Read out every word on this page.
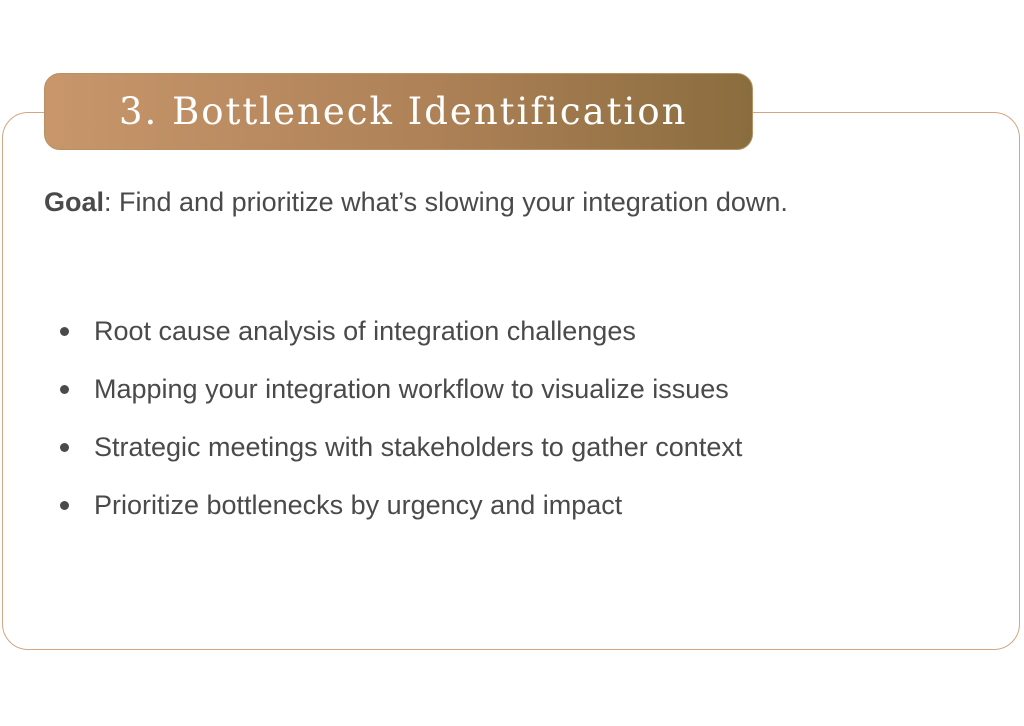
3. Bottleneck Identification
Goal: Find and prioritize what’s slowing your integration down.
Root cause analysis of integration challenges
Mapping your integration workflow to visualize issues
Strategic meetings with stakeholders to gather context
Prioritize bottlenecks by urgency and impact
